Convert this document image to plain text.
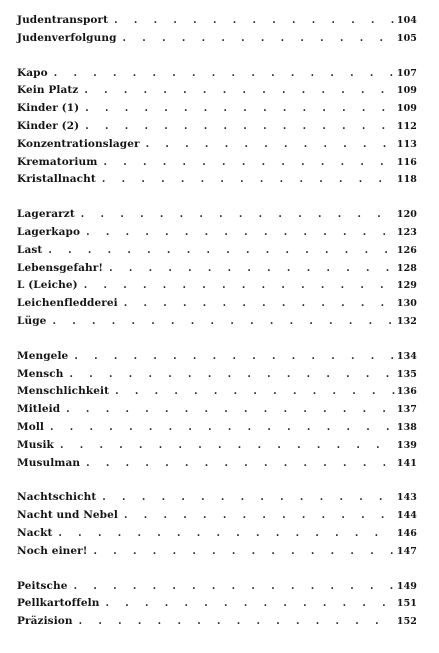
Judentransport . . .	104
Judenverfolgung . . .	105
Kapo . . .	107
Kein Platz . . .	109
Kinder (1) . . .	109
Kinder (2) . . .	112
Konzentrationslager . . .	113
Krematorium . . .	116
Kristallnacht . . .	118
Lagerarzt . . .	120
Lagerkapo . . .	123
Last . . .	126
Lebensgefahr! . . .	128
L (Leiche) . . .	129
Leichenfledderei . . .	130
Lüge . . .	132
Mengele . . .	134
Mensch . . .	135
Menschlichkeit . . .	136
Mitleid . . .	137
Moll . . .	138
Musik . . .	139
Musulman . . .	141
Nachtschicht . . .	143
Nacht und Nebel . . .	144
Nackt . . .	146
Noch einer! . . .	147
Peitsche . . .	149
Pellkartoffeln . . .	151
Präzision . . .	152
